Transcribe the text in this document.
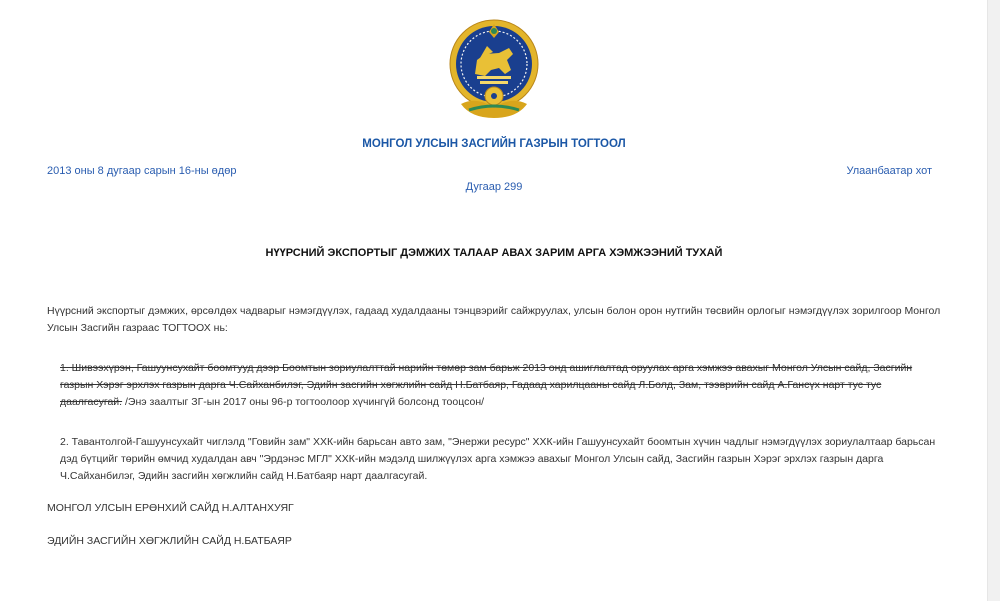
МОНГОЛ УЛСЫН ЗАСГИЙН ГАЗРЫН ТОГТООЛ
2013 оны 8 дугаар сарын 16-ны өдөр	Улаанбаатар хот
Дугаар 299
НҮҮРСНИЙ ЭКСПОРТЫГ ДЭМЖИХ ТАЛААР АВАХ ЗАРИМ АРГА ХЭМЖЭЭНИЙ ТУХАЙ
Нүүрсний экспортыг дэмжих, өрсөлдөх чадварыг нэмэгдүүлэх, гадаад худалдааны тэнцвэрийг сайжруулах, улсын болон орон нутгийн төсвийн орлогыг нэмэгдүүлэх зорилгоор Монгол Улсын Засгийн газраас ТОГТООХ нь:
1. Шивээхүрэн, Гашуунсухайт боомтууд дээр Боомтын зориулалттай нарийн төмөр зам барьж 2013 онд ашиглалтад оруулах арга хэмжээ авахыг Монгол Улсын сайд, Засгийн газрын Хэрэг эрхлэх газрын дарга Ч.Сайханбилэг, Эдийн засгийн хөгжлийн сайд Н.Батбаяр, Гадаад харилцааны сайд Л.Болд, Зам, тээврийн сайд А.Гансүх нарт тус тус даалгасугай. /Энэ заалтыг ЗГ-ын 2017 оны 96-р тогтоолоор хүчингүй болсонд тооцсон/
2. Тавантолгой-Гашуунсухайт чиглэлд "Говийн зам" ХХК-ийн барьсан авто зам, "Энержи ресурс" ХХК-ийн Гашуунсухайт боомтын хүчин чадлыг нэмэгдүүлэх зориулалтаар барьсан дэд бүтцийг төрийн өмчид худалдан авч "Эрдэнэс МГЛ" ХХК-ийн мэдэлд шилжүүлэх арга хэмжээ авахыг Монгол Улсын сайд, Засгийн газрын Хэрэг эрхлэх газрын дарга Ч.Сайханбилэг, Эдийн засгийн хөгжлийн сайд Н.Батбаяр нарт даалгасугай.
МОНГОЛ УЛСЫН ЕРӨНХИЙ САЙД Н.АЛТАНХУЯГ
ЭДИЙН ЗАСГИЙН ХӨГЖЛИЙН САЙД Н.БАТБАЯР
